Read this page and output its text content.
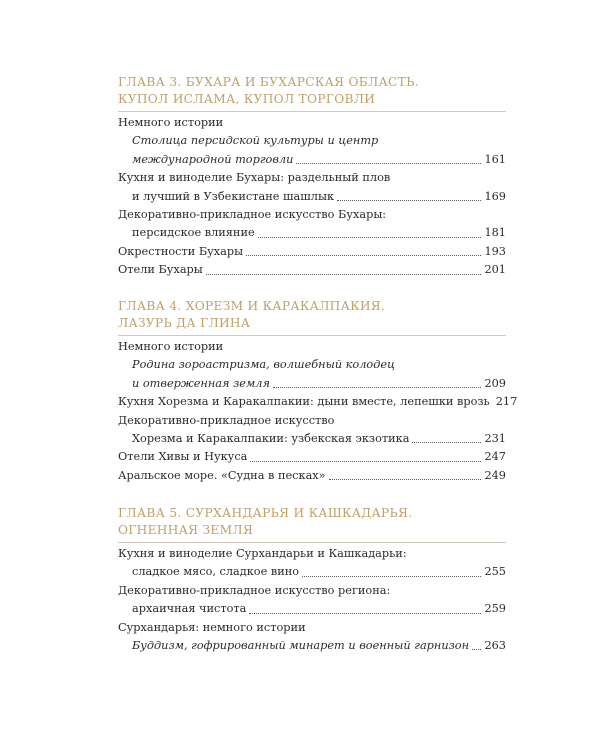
ГЛАВА 3. БУХАРА И БУХАРСКАЯ ОБЛАСТЬ.
КУПОЛ ИСЛАМА, КУПОЛ ТОРГОВЛИ
Немного истории
Столица персидской культуры и центр
международной торговли	161
Кухня и виноделие Бухары: раздельный плов
и лучший в Узбекистане шашлык	169
Декоративно-прикладное искусство Бухары:
персидское влияние	181
Окрестности Бухары	193
Отели Бухары	201
ГЛАВА 4. ХОРЕЗМ И КАРАКАЛПАКИЯ.
ЛАЗУРЬ ДА ГЛИНА
Немного истории
Родина зороастризма, волшебный колодец
и отверженная земля	209
Кухня Хорезма и Каракалпакии: дыни вместе, лепешки врозь 217
Декоративно-прикладное искусство
Хорезма и Каракалпакии: узбекская экзотика	231
Отели Хивы и Нукуса	247
Аральское море. «Судна в песках»	249
ГЛАВА 5. СУРХАНДАРЬЯ И КАШКАДАРЬЯ.
ОГНЕННАЯ ЗЕМЛЯ
Кухня и виноделие Сурхандарьи и Кашкадарьи:
сладкое мясо, сладкое вино	255
Декоративно-прикладное искусство региона:
архаичная чистота	259
Сурхандарья: немного истории
Буддизм, гофрированный минарет и военный гарнизон 263
